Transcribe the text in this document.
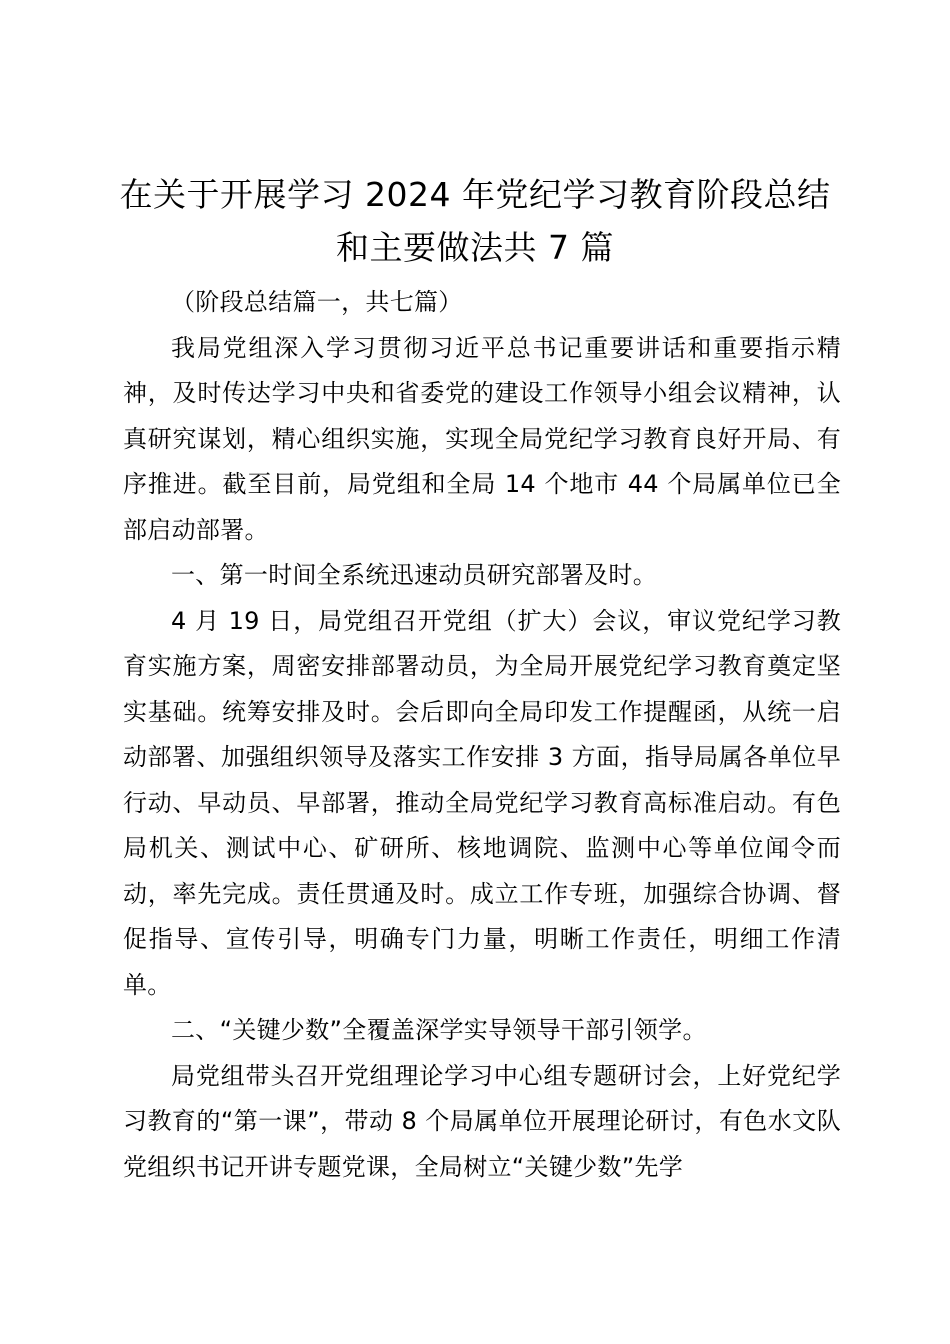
在关于开展学习 2024 年党纪学习教育阶段总结和主要做法共 7 篇

（阶段总结篇一，共七篇）

我局党组深入学习贯彻习近平总书记重要讲话和重要指示精神，及时传达学习中央和省委党的建设工作领导小组会议精神，认真研究谋划，精心组织实施，实现全局党纪学习教育良好开局、有序推进。截至目前，局党组和全局 14 个地市 44 个局属单位已全部启动部署。

一、第一时间全系统迅速动员研究部署及时。

4 月 19 日，局党组召开党组（扩大）会议，审议党纪学习教育实施方案，周密安排部署动员，为全局开展党纪学习教育奠定坚实基础。统筹安排及时。会后即向全局印发工作提醒函，从统一启动部署、加强组织领导及落实工作安排 3 方面，指导局属各单位早行动、早动员、早部署，推动全局党纪学习教育高标准启动。有色局机关、测试中心、矿研所、核地调院、监测中心等单位闻令而动，率先完成。责任贯通及时。成立工作专班，加强综合协调、督促指导、宣传引导，明确专门力量，明晰工作责任，明细工作清单。

二、“关键少数”全覆盖深学实导领导干部引领学。

局党组带头召开党组理论学习中心组专题研讨会，上好党纪学习教育的“第一课”，带动 8 个局属单位开展理论研讨，有色水文队党组织书记开讲专题党课，全局树立“关键少数”先学
